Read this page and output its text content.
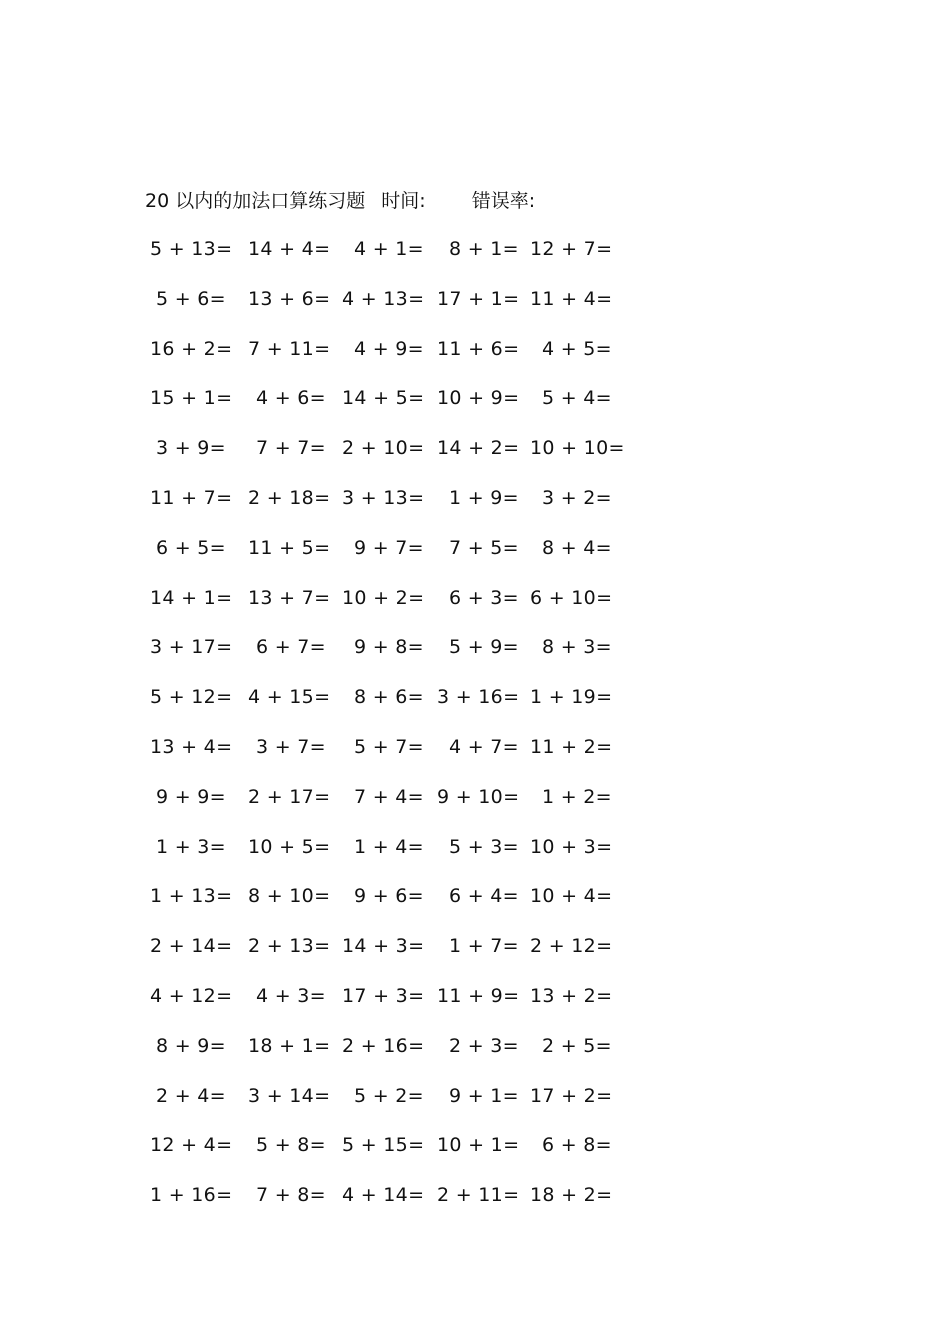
20 以内的加法口算练习题 时间: 错误率:
5 + 13= 14 + 4= 4 + 1= 8 + 1= 12 + 7=
5 + 6= 13 + 6= 4 + 13= 17 + 1= 11 + 4=
16 + 2= 7 + 11= 4 + 9= 11 + 6= 4 + 5=
15 + 1= 4 + 6= 14 + 5= 10 + 9= 5 + 4=
3 + 9= 7 + 7= 2 + 10= 14 + 2= 10 + 10=
11 + 7= 2 + 18= 3 + 13= 1 + 9= 3 + 2=
6 + 5= 11 + 5= 9 + 7= 7 + 5= 8 + 4=
14 + 1= 13 + 7= 10 + 2= 6 + 3= 6 + 10=
3 + 17= 6 + 7= 9 + 8= 5 + 9= 8 + 3=
5 + 12= 4 + 15= 8 + 6= 3 + 16= 1 + 19=
13 + 4= 3 + 7= 5 + 7= 4 + 7= 11 + 2=
9 + 9= 2 + 17= 7 + 4= 9 + 10= 1 + 2=
1 + 3= 10 + 5= 1 + 4= 5 + 3= 10 + 3=
1 + 13= 8 + 10= 9 + 6= 6 + 4= 10 + 4=
2 + 14= 2 + 13= 14 + 3= 1 + 7= 2 + 12=
4 + 12= 4 + 3= 17 + 3= 11 + 9= 13 + 2=
8 + 9= 18 + 1= 2 + 16= 2 + 3= 2 + 5=
2 + 4= 3 + 14= 5 + 2= 9 + 1= 17 + 2=
12 + 4= 5 + 8= 5 + 15= 10 + 1= 6 + 8=
1 + 16= 7 + 8= 4 + 14= 2 + 11= 18 + 2=
